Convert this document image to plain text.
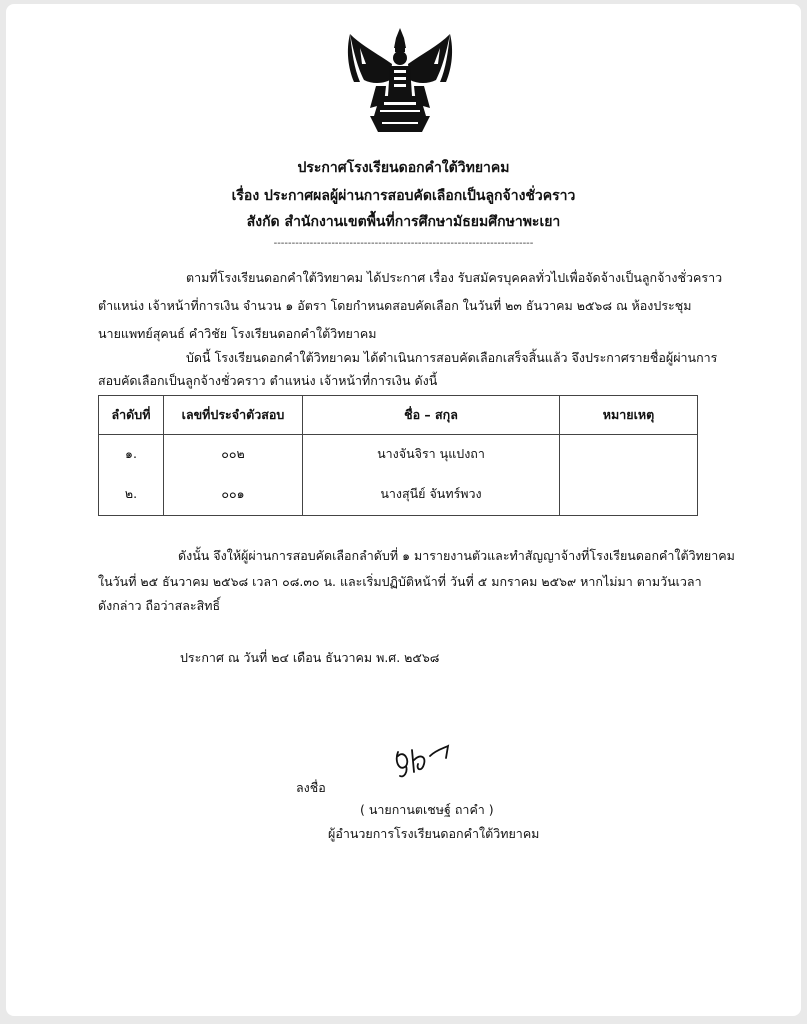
ประกาศโรงเรียนดอกคำใต้วิทยาคม
เรื่อง ประกาศผลผู้ผ่านการสอบคัดเลือกเป็นลูกจ้างชั่วคราว
สังกัด สำนักงานเขตพื้นที่การศึกษามัธยมศึกษาพะเยา
------------------------------------------------------------------------
ตามที่โรงเรียนดอกคำใต้วิทยาคม ได้ประกาศ เรื่อง รับสมัครบุคคลทั่วไปเพื่อจัดจ้างเป็นลูกจ้างชั่วคราว
ตำแหน่ง เจ้าหน้าที่การเงิน จำนวน ๑ อัตรา โดยกำหนดสอบคัดเลือก ในวันที่ ๒๓ ธันวาคม ๒๕๖๘ ณ ห้องประชุม
นายแพทย์สุคนธ์ คำวิชัย โรงเรียนดอกคำใต้วิทยาคม
บัดนี้ โรงเรียนดอกคำใต้วิทยาคม ได้ดำเนินการสอบคัดเลือกเสร็จสิ้นแล้ว จึงประกาศรายชื่อผู้ผ่านการ
สอบคัดเลือกเป็นลูกจ้างชั่วคราว ตำแหน่ง เจ้าหน้าที่การเงิน ดังนี้
ลำดับที่	เลขที่ประจำตัวสอบ	ชื่อ – สกุล	หมายเหตุ
๑.	๐๐๒	นางจันจิรา นุแปงถา	
๒.	๐๐๑	นางสุนีย์ จันทร์พวง	
ดังนั้น จึงให้ผู้ผ่านการสอบคัดเลือกลำดับที่ ๑ มารายงานตัวและทำสัญญาจ้างที่โรงเรียนดอกคำใต้วิทยาคม
ในวันที่ ๒๕ ธันวาคม ๒๕๖๘ เวลา ๐๘.๓๐ น. และเริ่มปฏิบัติหน้าที่ วันที่ ๕ มกราคม ๒๕๖๙ หากไม่มา ตามวันเวลา
ดังกล่าว ถือว่าสละสิทธิ์
ประกาศ ณ วันที่ ๒๔ เดือน ธันวาคม พ.ศ. ๒๕๖๘
ลงชื่อ
( นายกานตเชษฐ์ ถาคำ )
ผู้อำนวยการโรงเรียนดอกคำใต้วิทยาคม
